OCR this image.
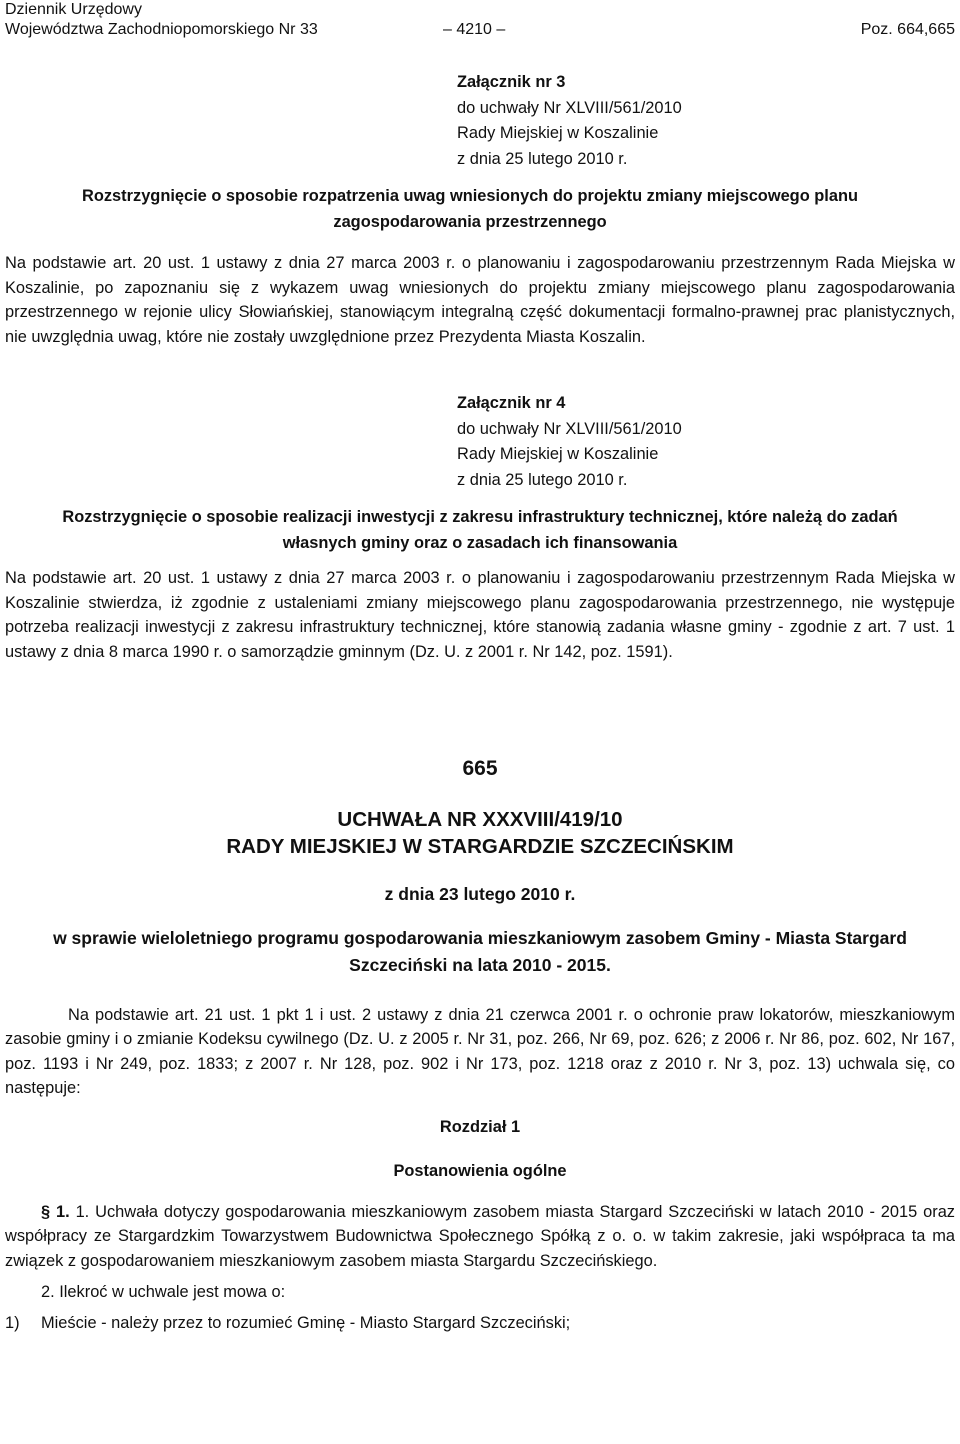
Dziennik Urzędowy
Województwa Zachodniopomorskiego Nr 33	– 4210 –	Poz. 664,665
Załącznik nr 3
do uchwały Nr XLVIII/561/2010
Rady Miejskiej w Koszalinie
z dnia 25 lutego 2010 r.

Rozstrzygnięcie o sposobie rozpatrzenia uwag wniesionych do projektu zmiany miejscowego planu zagospodarowania przestrzennego

Na podstawie art. 20 ust. 1 ustawy z dnia 27 marca 2003 r. o planowaniu i zagospodarowaniu przestrzennym Rada Miejska w Koszalinie, po zapoznaniu się z wykazem uwag wniesionych do projektu zmiany miejscowego planu zagospodarowania przestrzennego w rejonie ulicy Słowiańskiej, stanowiącym integralną część dokumentacji formalno-prawnej prac planistycznych, nie uwzględnia uwag, które nie zostały uwzględnione przez Prezydenta Miasta Koszalin.

Załącznik nr 4
do uchwały Nr XLVIII/561/2010
Rady Miejskiej w Koszalinie
z dnia 25 lutego 2010 r.

Rozstrzygnięcie o sposobie realizacji inwestycji z zakresu infrastruktury technicznej, które należą do zadań własnych gminy oraz o zasadach ich finansowania

Na podstawie art. 20 ust. 1 ustawy z dnia 27 marca 2003 r. o planowaniu i zagospodarowaniu przestrzennym Rada Miejska w Koszalinie stwierdza, iż zgodnie z ustaleniami zmiany miejscowego planu zagospodarowania przestrzennego, nie występuje potrzeba realizacji inwestycji z zakresu infrastruktury technicznej, które stanowią zadania własne gminy - zgodnie z art. 7 ust. 1 ustawy z dnia 8 marca 1990 r. o samorządzie gminnym (Dz. U. z 2001 r. Nr 142, poz. 1591).

665
UCHWAŁA NR XXXVIII/419/10
RADY MIEJSKIEJ W STARGARDZIE SZCZECIŃSKIM
z dnia 23 lutego 2010 r.

w sprawie wieloletniego programu gospodarowania mieszkaniowym zasobem Gminy - Miasta Stargard Szczeciński na lata 2010 - 2015.

Na podstawie art. 21 ust. 1 pkt 1 i ust. 2 ustawy z dnia 21 czerwca 2001 r. o ochronie praw lokatorów, mieszkaniowym zasobie gminy i o zmianie Kodeksu cywilnego (Dz. U. z 2005 r. Nr 31, poz. 266, Nr 69, poz. 626; z 2006 r. Nr 86, poz. 602, Nr 167, poz. 1193 i Nr 249, poz. 1833; z 2007 r. Nr 128, poz. 902 i Nr 173, poz. 1218 oraz z 2010 r. Nr 3, poz. 13) uchwala się, co następuje:

Rozdział 1
Postanowienia ogólne

§ 1. 1. Uchwała dotyczy gospodarowania mieszkaniowym zasobem miasta Stargard Szczeciński w latach 2010 - 2015 oraz współpracy ze Stargardzkim Towarzystwem Budownictwa Społecznego Spółką z o. o. w takim zakresie, jaki współpraca ta ma związek z gospodarowaniem mieszkaniowym zasobem miasta Stargardu Szczecińskiego.

2. Ilekroć w uchwale jest mowa o:

1) Mieście - należy przez to rozumieć Gminę - Miasto Stargard Szczeciński;
